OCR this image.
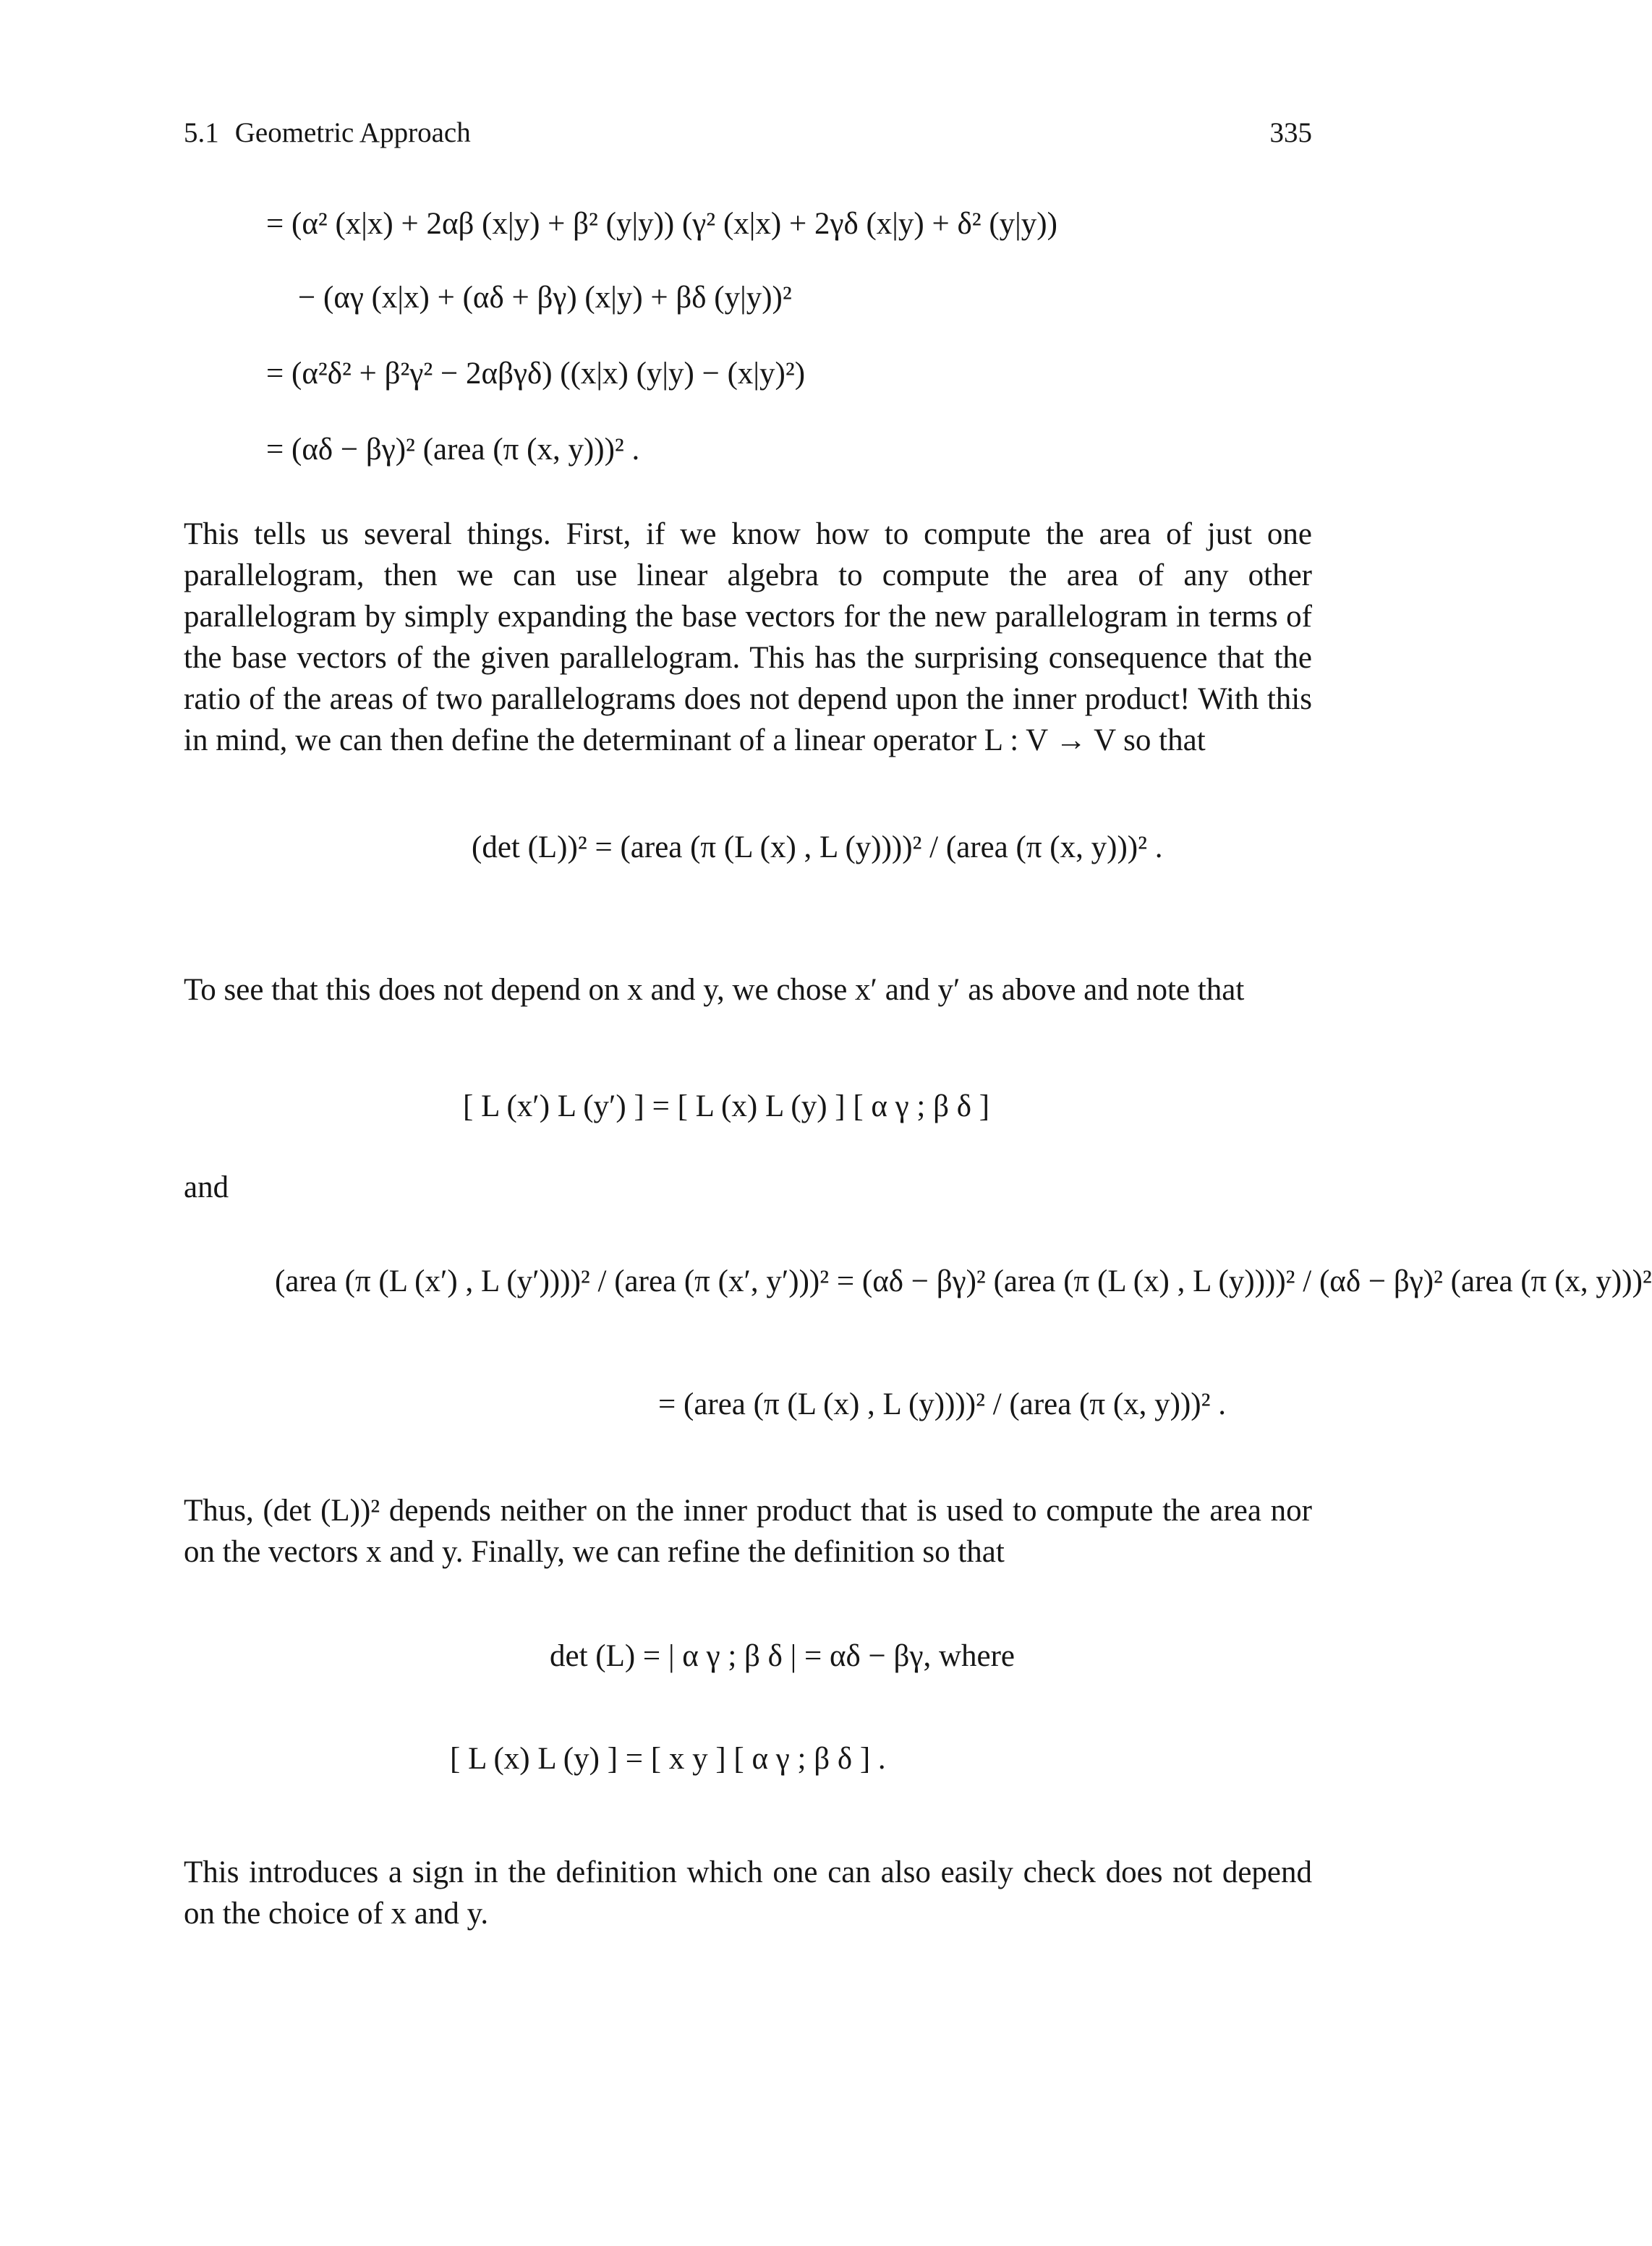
5.1 Geometric Approach	335
= (α² (x|x) + 2αβ (x|y) + β² (y|y)) (γ² (x|x) + 2γδ (x|y) + δ² (y|y))
− (αγ (x|x) + (αδ + βγ) (x|y) + βδ (y|y))²
= (α²δ² + β²γ² − 2αβγδ) ((x|x) (y|y) − (x|y)²)
= (αδ − βγ)² (area (π (x, y)))² .

This tells us several things. First, if we know how to compute the area of just one parallelogram, then we can use linear algebra to compute the area of any other parallelogram by simply expanding the base vectors for the new parallelogram in terms of the base vectors of the given parallelogram. This has the surprising consequence that the ratio of the areas of two parallelograms does not depend upon the inner product! With this in mind, we can then define the determinant of a linear operator L : V → V so that

(det (L))² = (area (π (L (x) , L (y))))² / (area (π (x, y)))² .

To see that this does not depend on x and y, we chose x′ and y′ as above and note that

[ L (x′) L (y′) ] = [ L (x) L (y) ] [ α γ ; β δ ]

and

(area (π (L (x′) , L (y′))))² / (area (π (x′, y′)))² = (αδ − βγ)² (area (π (L (x) , L (y))))² / (αδ − βγ)² (area (π (x, y)))²
= (area (π (L (x) , L (y))))² / (area (π (x, y)))² .

Thus, (det (L))² depends neither on the inner product that is used to compute the area nor on the vectors x and y. Finally, we can refine the definition so that

det (L) = | α γ ; β δ | = αδ − βγ, where
[ L (x) L (y) ] = [ x y ] [ α γ ; β δ ] .

This introduces a sign in the definition which one can also easily check does not depend on the choice of x and y.
